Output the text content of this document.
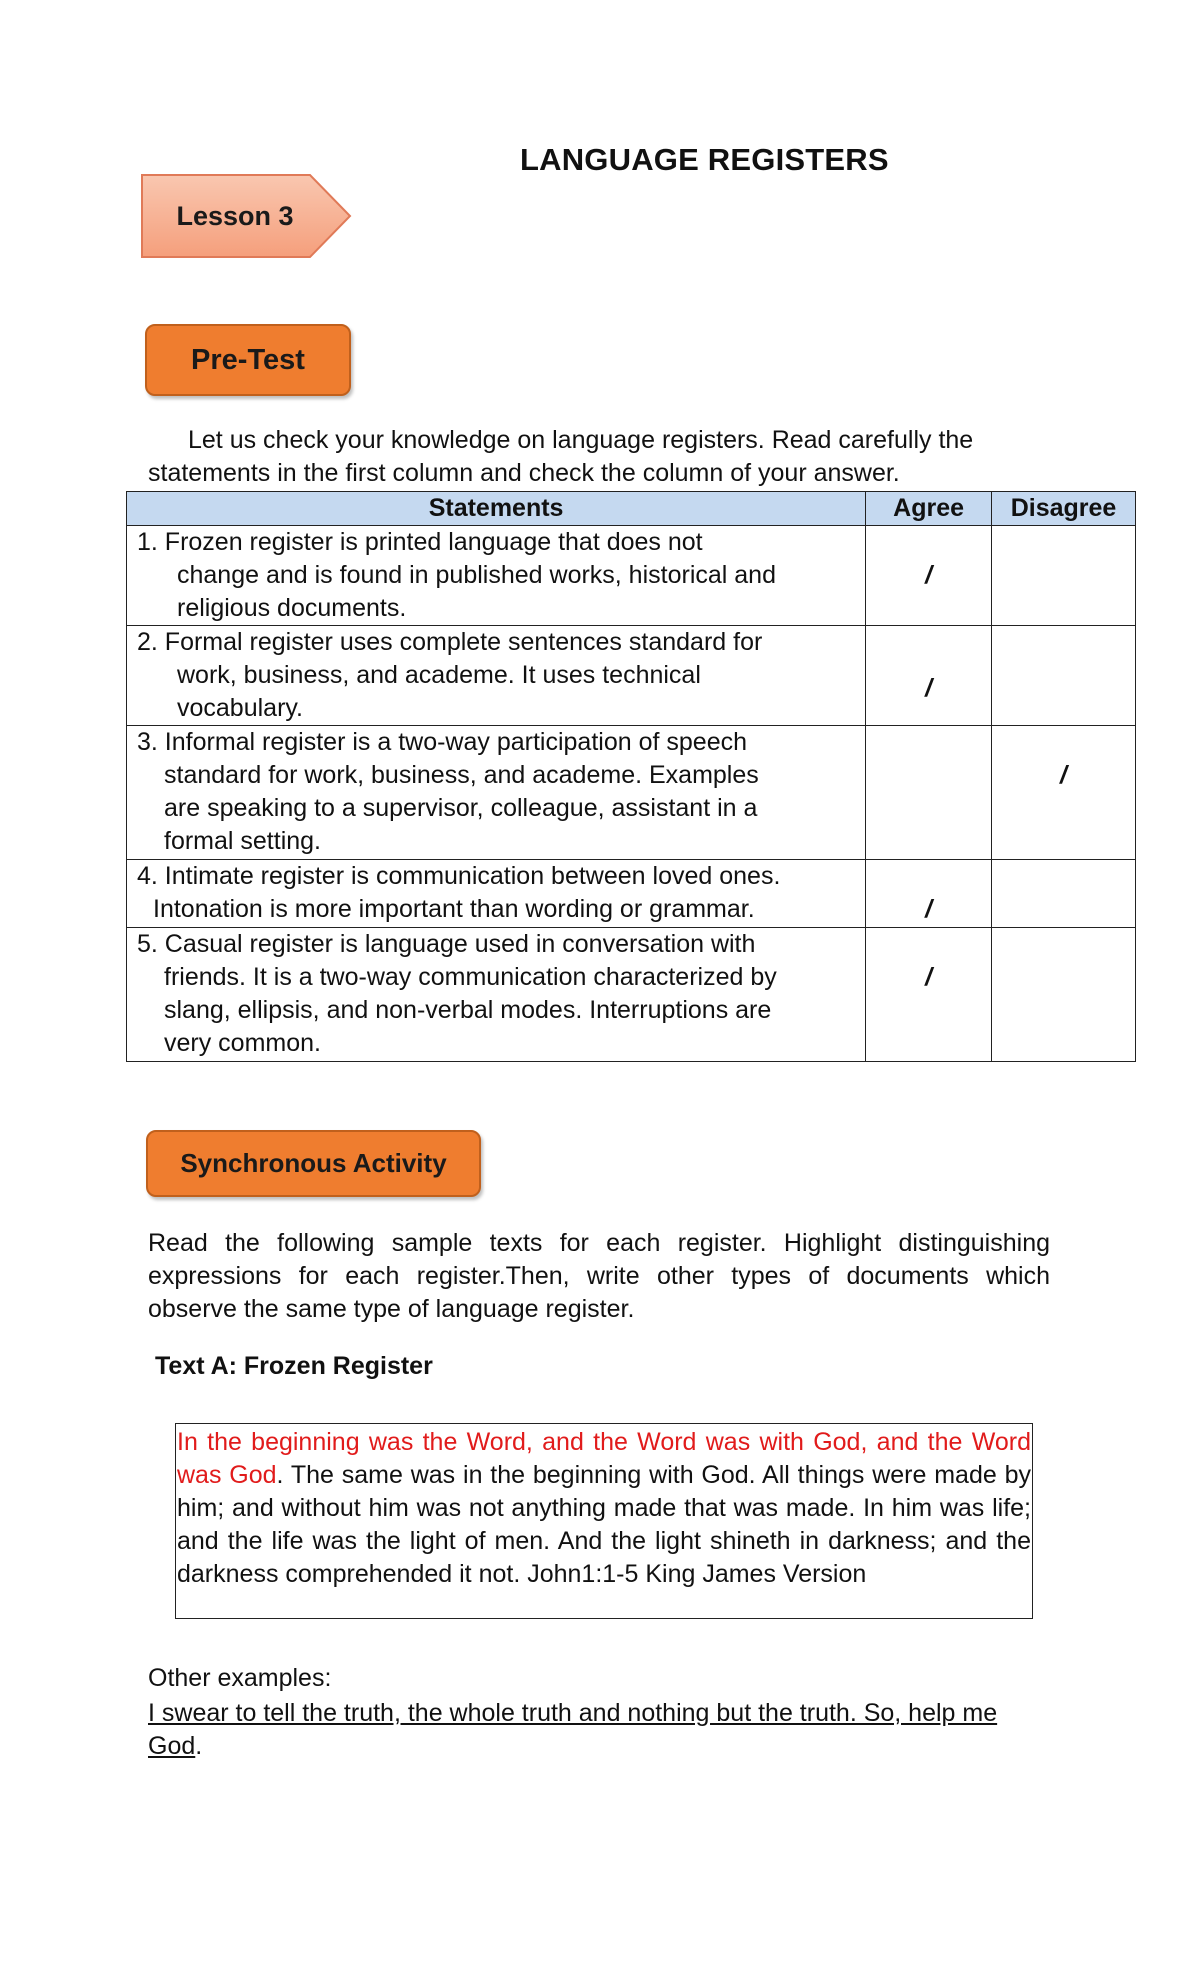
LANGUAGE REGISTERS
Lesson 3
Pre-Test
Let us check your knowledge on language registers. Read carefully the
statements in the first column and check the column of your answer.
Statements	Agree	Disagree

1. Frozen register is printed language that does not
change and is found in published works, historical and
religious documents.	/	

2. Formal register uses complete sentences standard for
work, business, and academe. It uses technical
vocabulary.	/	

3. Informal register is a two-way participation of speech
standard for work, business, and academe. Examples
are speaking to a supervisor, colleague, assistant in a
formal setting.		/

4. Intimate register is communication between loved ones.
Intonation is more important than wording or grammar.	/	

5. Casual register is language used in conversation with
friends. It is a two-way communication characterized by
slang, ellipsis, and non-verbal modes. Interruptions are
very common.	/	
Synchronous Activity
Read the following sample texts for each register. Highlight distinguishing expressions for each register.Then, write other types of documents which observe the same type of language register.
Text A: Frozen Register
In the beginning was the Word, and the Word was with God, and the Word was God. The same was in the beginning with God. All things were made by him; and without him was not anything made that was made. In him was life; and the life was the light of men. And the light shineth in darkness; and the darkness comprehended it not. John1:1-5 King James Version
Other examples:
I swear to tell the truth, the whole truth and nothing but the truth. So, help me God.
